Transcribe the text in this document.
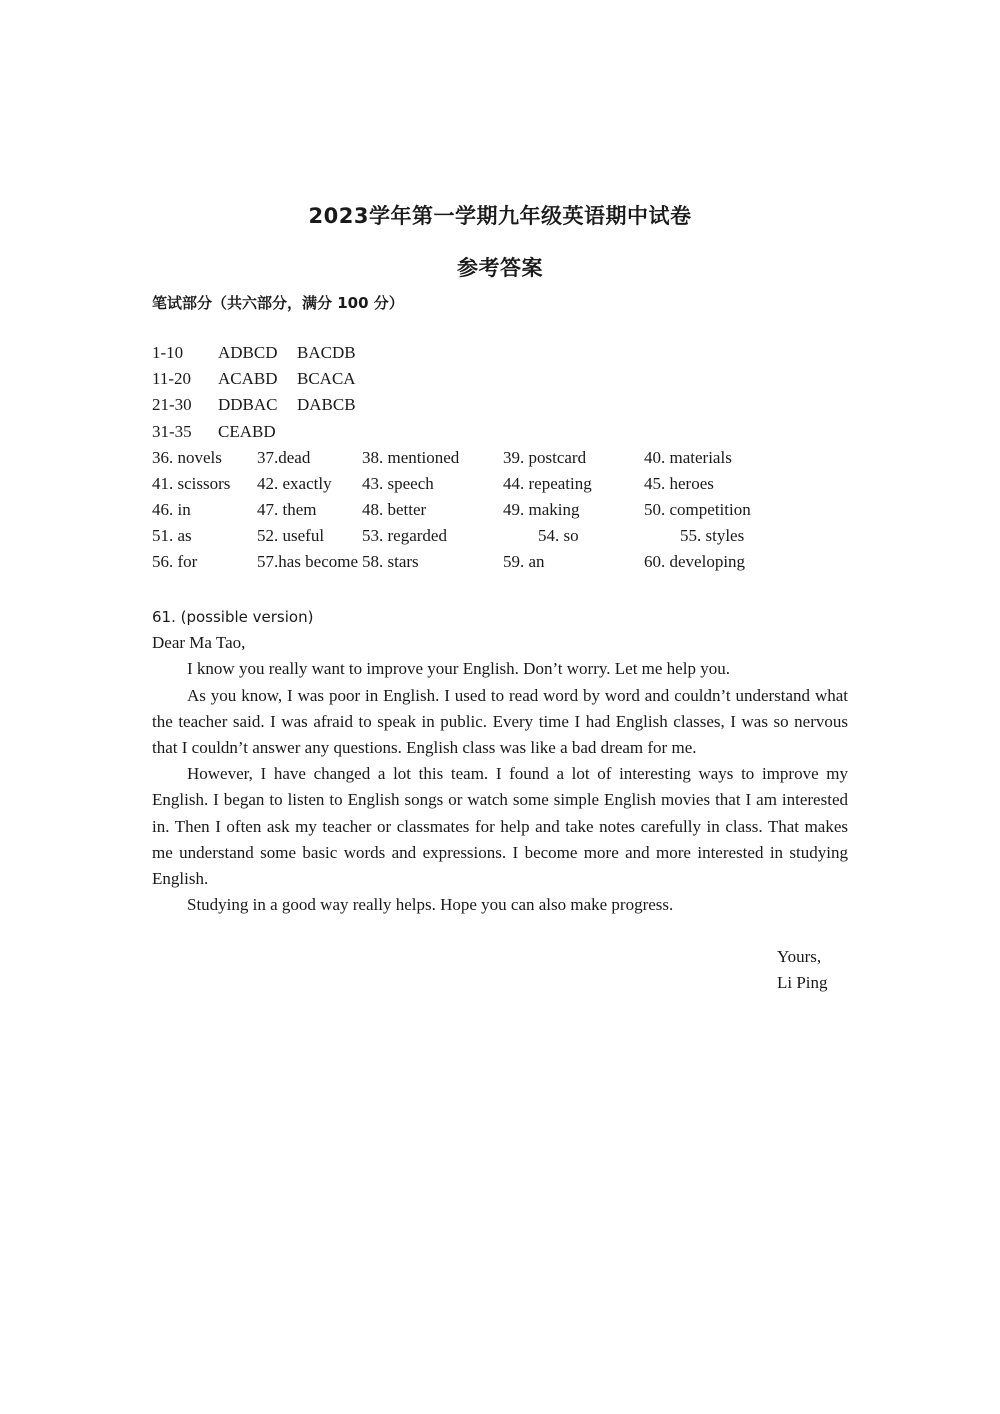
2023学年第一学期九年级英语期中试卷
参考答案
笔试部分（共六部分，满分 100 分）
1-10 ADBCD BACDB
11-20 ACABD BCACA
21-30 DDBAC DABCB
31-35 CEABD
36. novels 37.dead	38. mentioned	39. postcard	40. materials
41. scissors 42. exactly 43. speech	44. repeating	45. heroes
46. in	47. them	48. better	49. making	50. competition
51. as	52. useful 53. regarded	54. so	55. styles
56. for	57.has become 58. stars	59. an	60. developing

61. (possible version)

Dear Ma Tao,

I know you really want to improve your English. Don’t worry. Let me help you.

As you know, I was poor in English. I used to read word by word and couldn’t understand what the teacher said. I was afraid to speak in public. Every time I had English classes, I was so nervous that I couldn’t answer any questions. English class was like a bad dream for me.

However, I have changed a lot this team. I found a lot of interesting ways to improve my English. I began to listen to English songs or watch some simple English movies that I am interested in. Then I often ask my teacher or classmates for help and take notes carefully in class. That makes me understand some basic words and expressions. I become more and more interested in studying English.

Studying in a good way really helps. Hope you can also make progress.

Yours,
Li Ping
